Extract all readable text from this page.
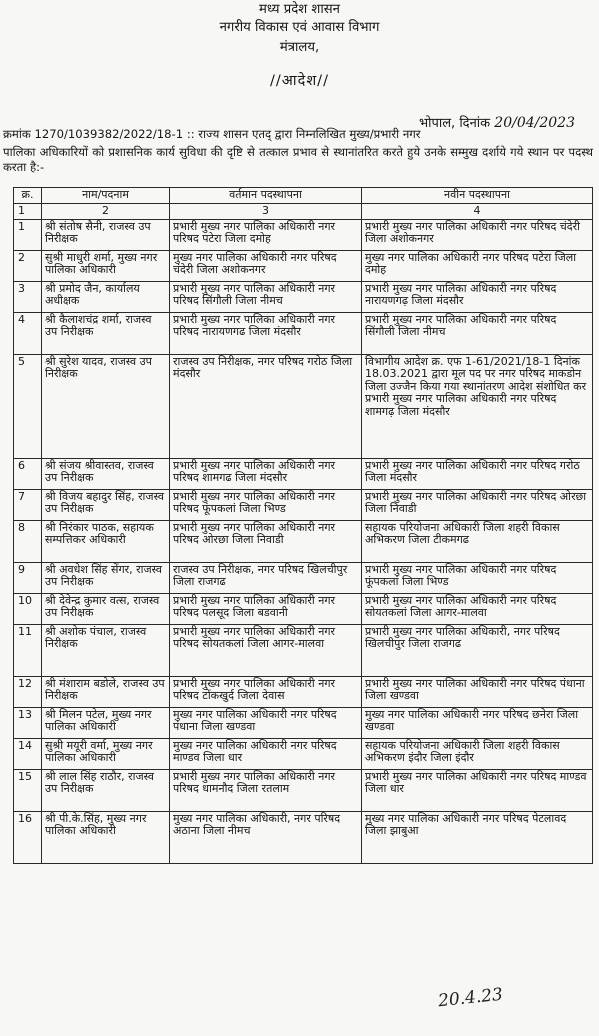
मध्य प्रदेश शासन
नगरीय विकास एवं आवास विभाग
मंत्रालय,
//आदेश//
भोपाल, दिनांक 20/04/2023
क्रमांक 1270/1039382/2022/18-1 :: राज्य शासन एतद् द्वारा निम्नलिखित मुख्य/प्रभारी नगर
पालिका अधिकारियों को प्रशासनिक कार्य सुविधा की दृष्टि से तत्काल प्रभाव से स्थानांतरित करते हुये उनके सम्मुख दर्शाये गये स्थान पर पदस्थ करता है:-
क्र.	नाम/पदनाम	वर्तमान पदस्थापना	नवीन पदस्थापना
1	2	3	4
1	श्री संतोष सैनी, राजस्व उप निरीक्षक	प्रभारी मुख्य नगर पालिका अधिकारी नगर परिषद पटेरा जिला दमोह	प्रभारी मुख्य नगर पालिका अधिकारी नगर परिषद चंदेरी जिला अशोकनगर
2	सुश्री माधुरी शर्मा, मुख्य नगर पालिका अधिकारी	मुख्य नगर पालिका अधिकारी नगर परिषद चंदेरी जिला अशोकनगर	मुख्य नगर पालिका अधिकारी नगर परिषद पटेरा जिला दमोह
3	श्री प्रमोद जैन, कार्यालय अधीक्षक	प्रभारी मुख्य नगर पालिका अधिकारी नगर परिषद सिंगौली जिला नीमच	प्रभारी मुख्य नगर पालिका अधिकारी नगर परिषद नारायणगढ़ जिला मंदसौर
4	श्री कैलाशचंद्र शर्मा, राजस्व उप निरीक्षक	प्रभारी मुख्य नगर पालिका अधिकारी नगर परिषद नारायणगढ जिला मंदसौर	प्रभारी मुख्य नगर पालिका अधिकारी नगर परिषद सिंगौली जिला नीमच
5	श्री सुरेश यादव, राजस्व उप निरीक्षक	राजस्व उप निरीक्षक, नगर परिषद गरोठ जिला मंदसौर	विभागीय आदेश क्र. एफ 1-61/2021/18-1 दिनांक 18.03.2021 द्वारा मूल पद पर नगर परिषद माकडोन जिला उज्जैन किया गया स्थानांतरण आदेश संशोधित कर प्रभारी मुख्य नगर पालिका अधिकारी नगर परिषद शामगढ़ जिला मंदसौर
6	श्री संजय श्रीवास्तव, राजस्व उप निरीक्षक	प्रभारी मुख्य नगर पालिका अधिकारी नगर परिषद शामगढ जिला मंदसौर	प्रभारी मुख्य नगर पालिका अधिकारी नगर परिषद गरोठ जिला मंदसौर
7	श्री विजय बहादुर सिंह, राजस्व उप निरीक्षक	प्रभारी मुख्य नगर पालिका अधिकारी नगर परिषद फूंपकलां जिला भिण्ड	प्रभारी मुख्य नगर पालिका अधिकारी नगर परिषद ओरछा जिला निवाडी
8	श्री निरंकार पाठक, सहायक सम्पत्तिकर अधिकारी	प्रभारी मुख्य नगर पालिका अधिकारी नगर परिषद ओरछा जिला निवाडी	सहायक परियोजना अधिकारी जिला शहरी विकास अभिकरण जिला टीकमगढ
9	श्री अवधेश सिंह सेंगर, राजस्व उप निरीक्षक	राजस्व उप निरीक्षक, नगर परिषद खिलचीपुर जिला राजगढ	प्रभारी मुख्य नगर पालिका अधिकारी नगर परिषद फूंपकलां जिला भिण्ड
10	श्री देवेन्द्र कुमार वत्स, राजस्व उप निरीक्षक	प्रभारी मुख्य नगर पालिका अधिकारी नगर परिषद पलसूद जिला बडवानी	प्रभारी मुख्य नगर पालिका अधिकारी नगर परिषद सोयतकलां जिला आगर-मालवा
11	श्री अशोक पंचाल, राजस्व निरीक्षक	प्रभारी मुख्य नगर पालिका अधिकारी नगर परिषद सोयतकलां जिला आगर-मालवा	प्रभारी मुख्य नगर पालिका अधिकारी, नगर परिषद खिलचीपुर जिला राजगढ
12	श्री मंशाराम बडोले, राजस्व उप निरीक्षक	प्रभारी मुख्य नगर पालिका अधिकारी नगर परिषद टोंकखुर्द जिला देवास	प्रभारी मुख्य नगर पालिका अधिकारी नगर परिषद पंधाना जिला खण्डवा
13	श्री मिलन पटेल, मुख्य नगर पालिका अधिकारी	मुख्य नगर पालिका अधिकारी नगर परिषद पंधाना जिला खण्डवा	मुख्य नगर पालिका अधिकारी नगर परिषद छनेरा जिला खण्डवा
14	सुश्री मयूरी वर्मा, मुख्य नगर पालिका अधिकारी	मुख्य नगर पालिका अधिकारी नगर परिषद माण्डव जिला धार	सहायक परियोजना अधिकारी जिला शहरी विकास अभिकरण इंदौर जिला इंदौर
15	श्री लाल सिंह राठौर, राजस्व उप निरीक्षक	प्रभारी मुख्य नगर पालिका अधिकारी नगर परिषद धामनौद जिला रतलाम	प्रभारी मुख्य नगर पालिका अधिकारी नगर परिषद माण्डव जिला धार
16	श्री पी.के.सिंह, मुख्य नगर पालिका अधिकारी	मुख्य नगर पालिका अधिकारी, नगर परिषद अठाना जिला नीमच	मुख्य नगर पालिका अधिकारी नगर परिषद पेटलावद जिला झाबुआ
20.4.23
